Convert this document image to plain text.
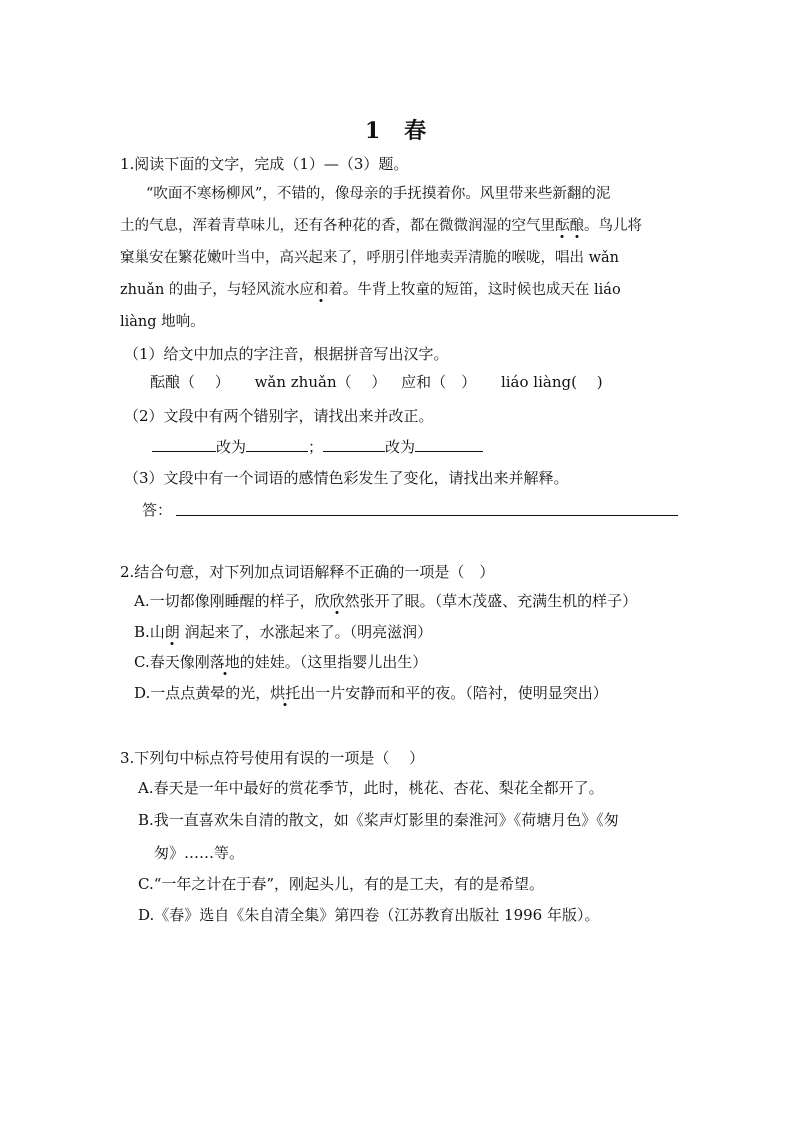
1 春
1.阅读下面的文字，完成（1）—（3）题。
“吹面不寒杨柳风”，不错的，像母亲的手抚摸着你。风里带来些新翻的泥
土的气息，浑着青草味儿，还有各种花的香，都在微微润湿的空气里酝酿。鸟儿将
窠巢安在繁花嫩叶当中，高兴起来了，呼朋引伴地卖弄清脆的喉咙，唱出 wǎn
zhuǎn 的曲子，与轻风流水应和着。牛背上牧童的短笛，这时候也成天在 liáo
liàng 地响。
（1）给文中加点的字注音，根据拼音写出汉字。
酝酿（　 ） wǎn zhuǎn（　 ） 应和（　） liáo liàng(　 )
（2）文段中有两个错别字，请找出来并改正。
改为	；	改为
（3）文段中有一个词语的感情色彩发生了变化，请找出来并解释。
答：
2.结合句意，对下列加点词语解释不正确的一项是（　）
A.一切都像刚睡醒的样子，欣欣然张开了眼。（草木茂盛、充满生机的样子）
B.山朗 润起来了，水涨起来了。（明亮滋润）
C.春天像刚落地的娃娃。（这里指婴儿出生）
D.一点点黄晕的光，烘托出一片安静而和平的夜。（陪衬，使明显突出）
3.下列句中标点符号使用有误的一项是（　 ）
A.春天是一年中最好的赏花季节，此时，桃花、杏花、梨花全都开了。
B.我一直喜欢朱自清的散文，如《桨声灯影里的秦淮河》《荷塘月色》《匆
匆》……等。
C.“一年之计在于春”，刚起头儿，有的是工夫，有的是希望。
D.《春》选自《朱自清全集》第四卷（江苏教育出版社 1996 年版）。
